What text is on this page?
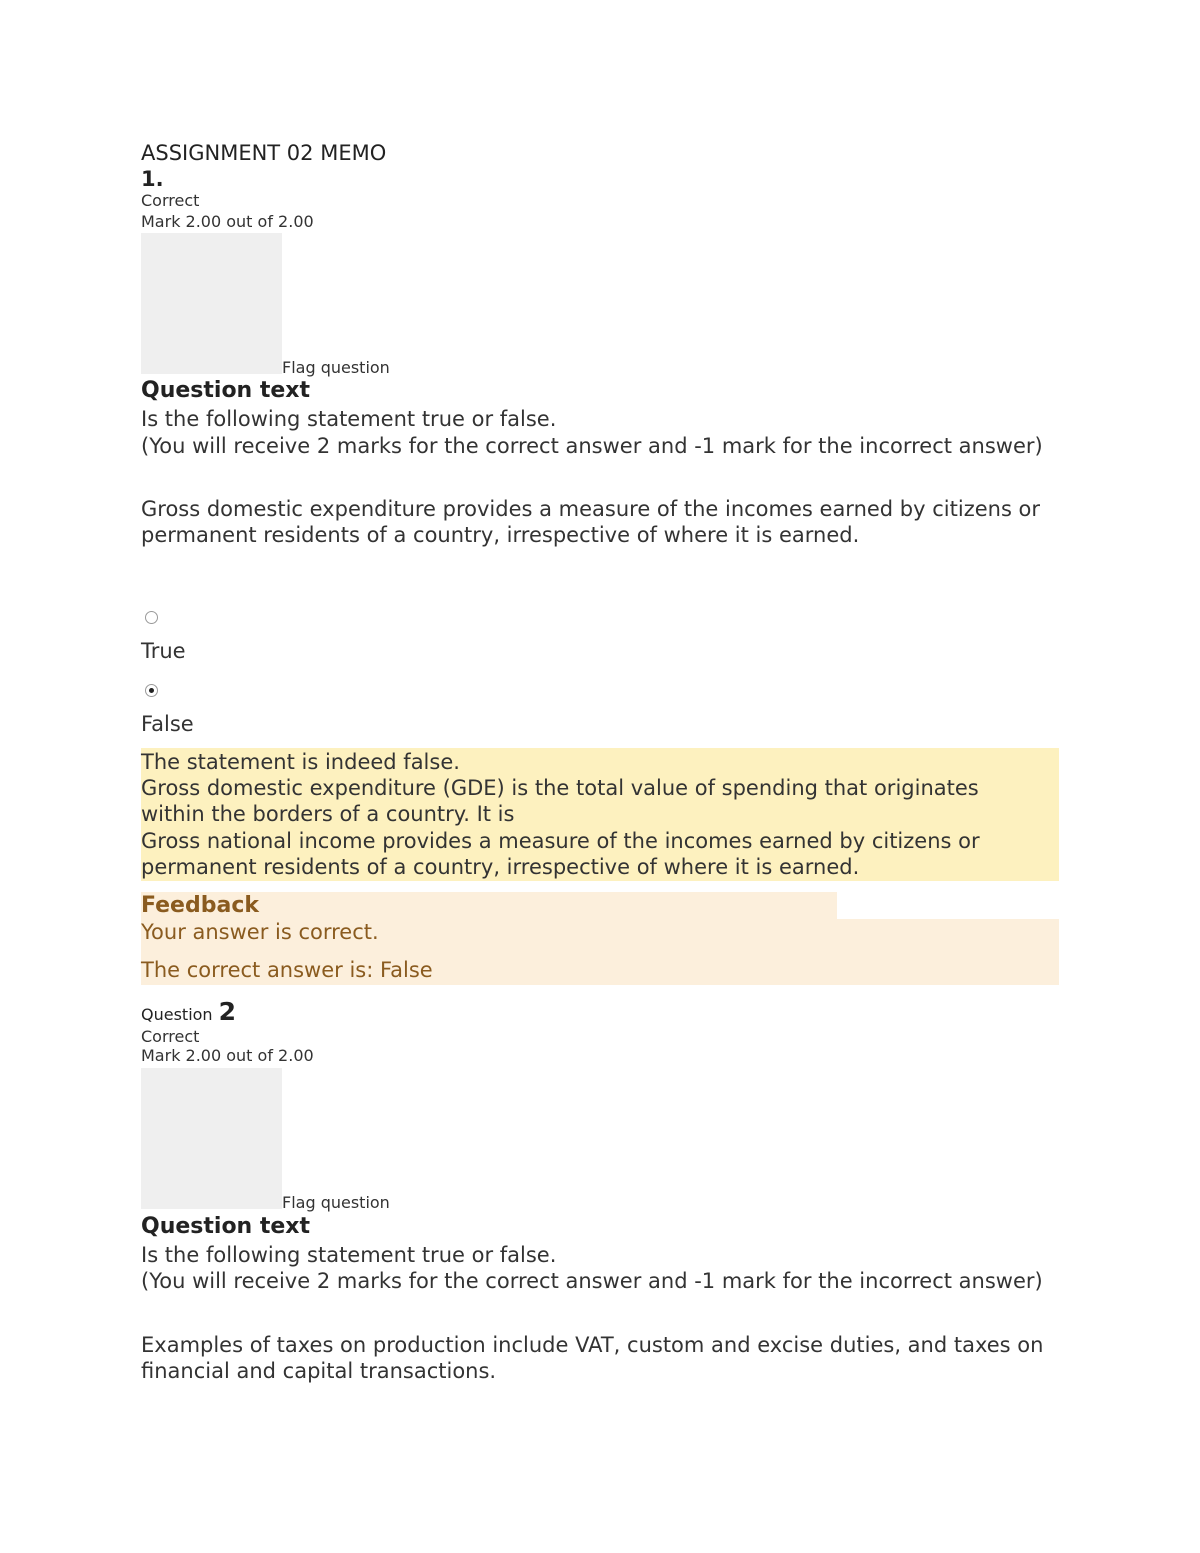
ASSIGNMENT 02 MEMO
1.
Correct
Mark 2.00 out of 2.00
Flag question
Question text
Is the following statement true or false.
(You will receive 2 marks for the correct answer and -1 mark for the incorrect answer)
Gross domestic expenditure provides a measure of the incomes earned by citizens or permanent residents of a country, irrespective of where it is earned.
True
False
The statement is indeed false.
Gross domestic expenditure (GDE) is the total value of spending that originates within the borders of a country. It is
Gross national income provides a measure of the incomes earned by citizens or permanent residents of a country, irrespective of where it is earned.
Feedback
Your answer is correct.
The correct answer is: False
Question 2
Correct
Mark 2.00 out of 2.00
Flag question
Question text
Is the following statement true or false.
(You will receive 2 marks for the correct answer and -1 mark for the incorrect answer)
Examples of taxes on production include VAT, custom and excise duties, and taxes on financial and capital transactions.
